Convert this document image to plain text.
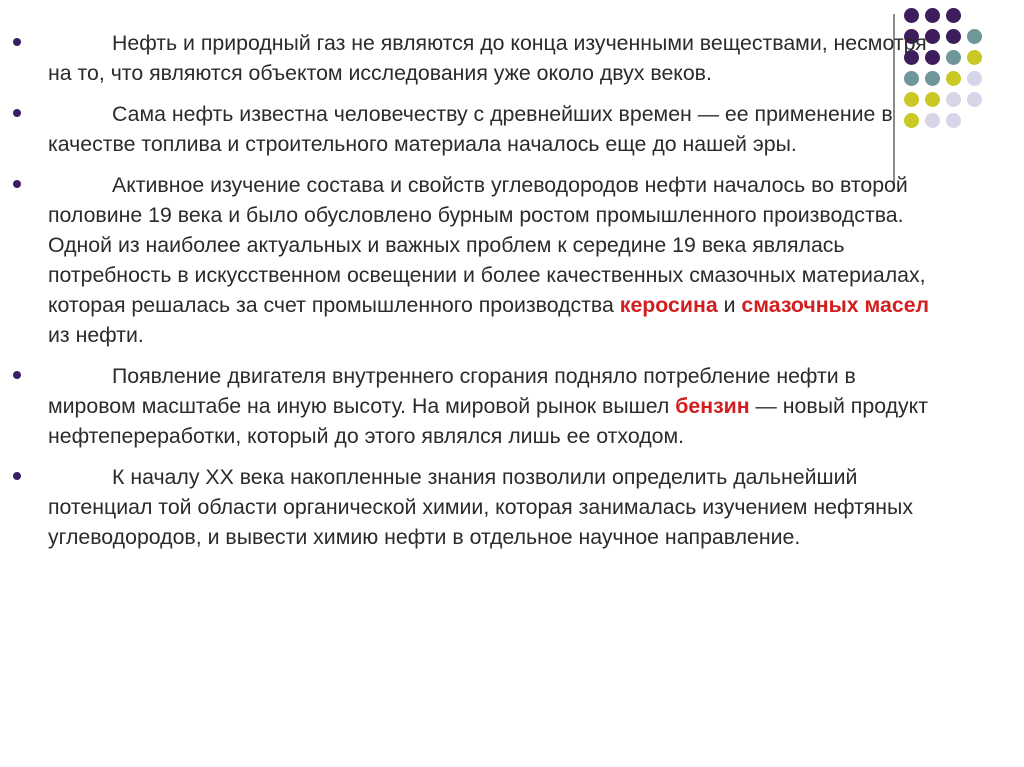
Нефть и природный газ не являются до конца изученными веществами, несмотря на то, что являются объектом исследования уже около двух веков.

Сама нефть известна человечеству с древнейших времен — ее применение в качестве топлива и строительного материала началось еще до нашей эры.

Активное изучение состава и свойств углеводородов нефти началось во второй половине 19 века и было обусловлено бурным ростом промышленного производства. Одной из наиболее актуальных и важных проблем к середине 19 века являлась потребность в искусственном освещении и более качественных смазочных материалах, которая решалась за счет промышленного производства керосина и смазочных масел из нефти.

Появление двигателя внутреннего сгорания подняло потребление нефти в мировом масштабе на иную высоту. На мировой рынок вышел бензин — новый продукт нефтепереработки, который до этого являлся лишь ее отходом.

К началу XX века накопленные знания позволили определить дальнейший потенциал той области органической химии, которая занималась изучением нефтяных углеводородов, и вывести химию нефти в отдельное научное направление.
